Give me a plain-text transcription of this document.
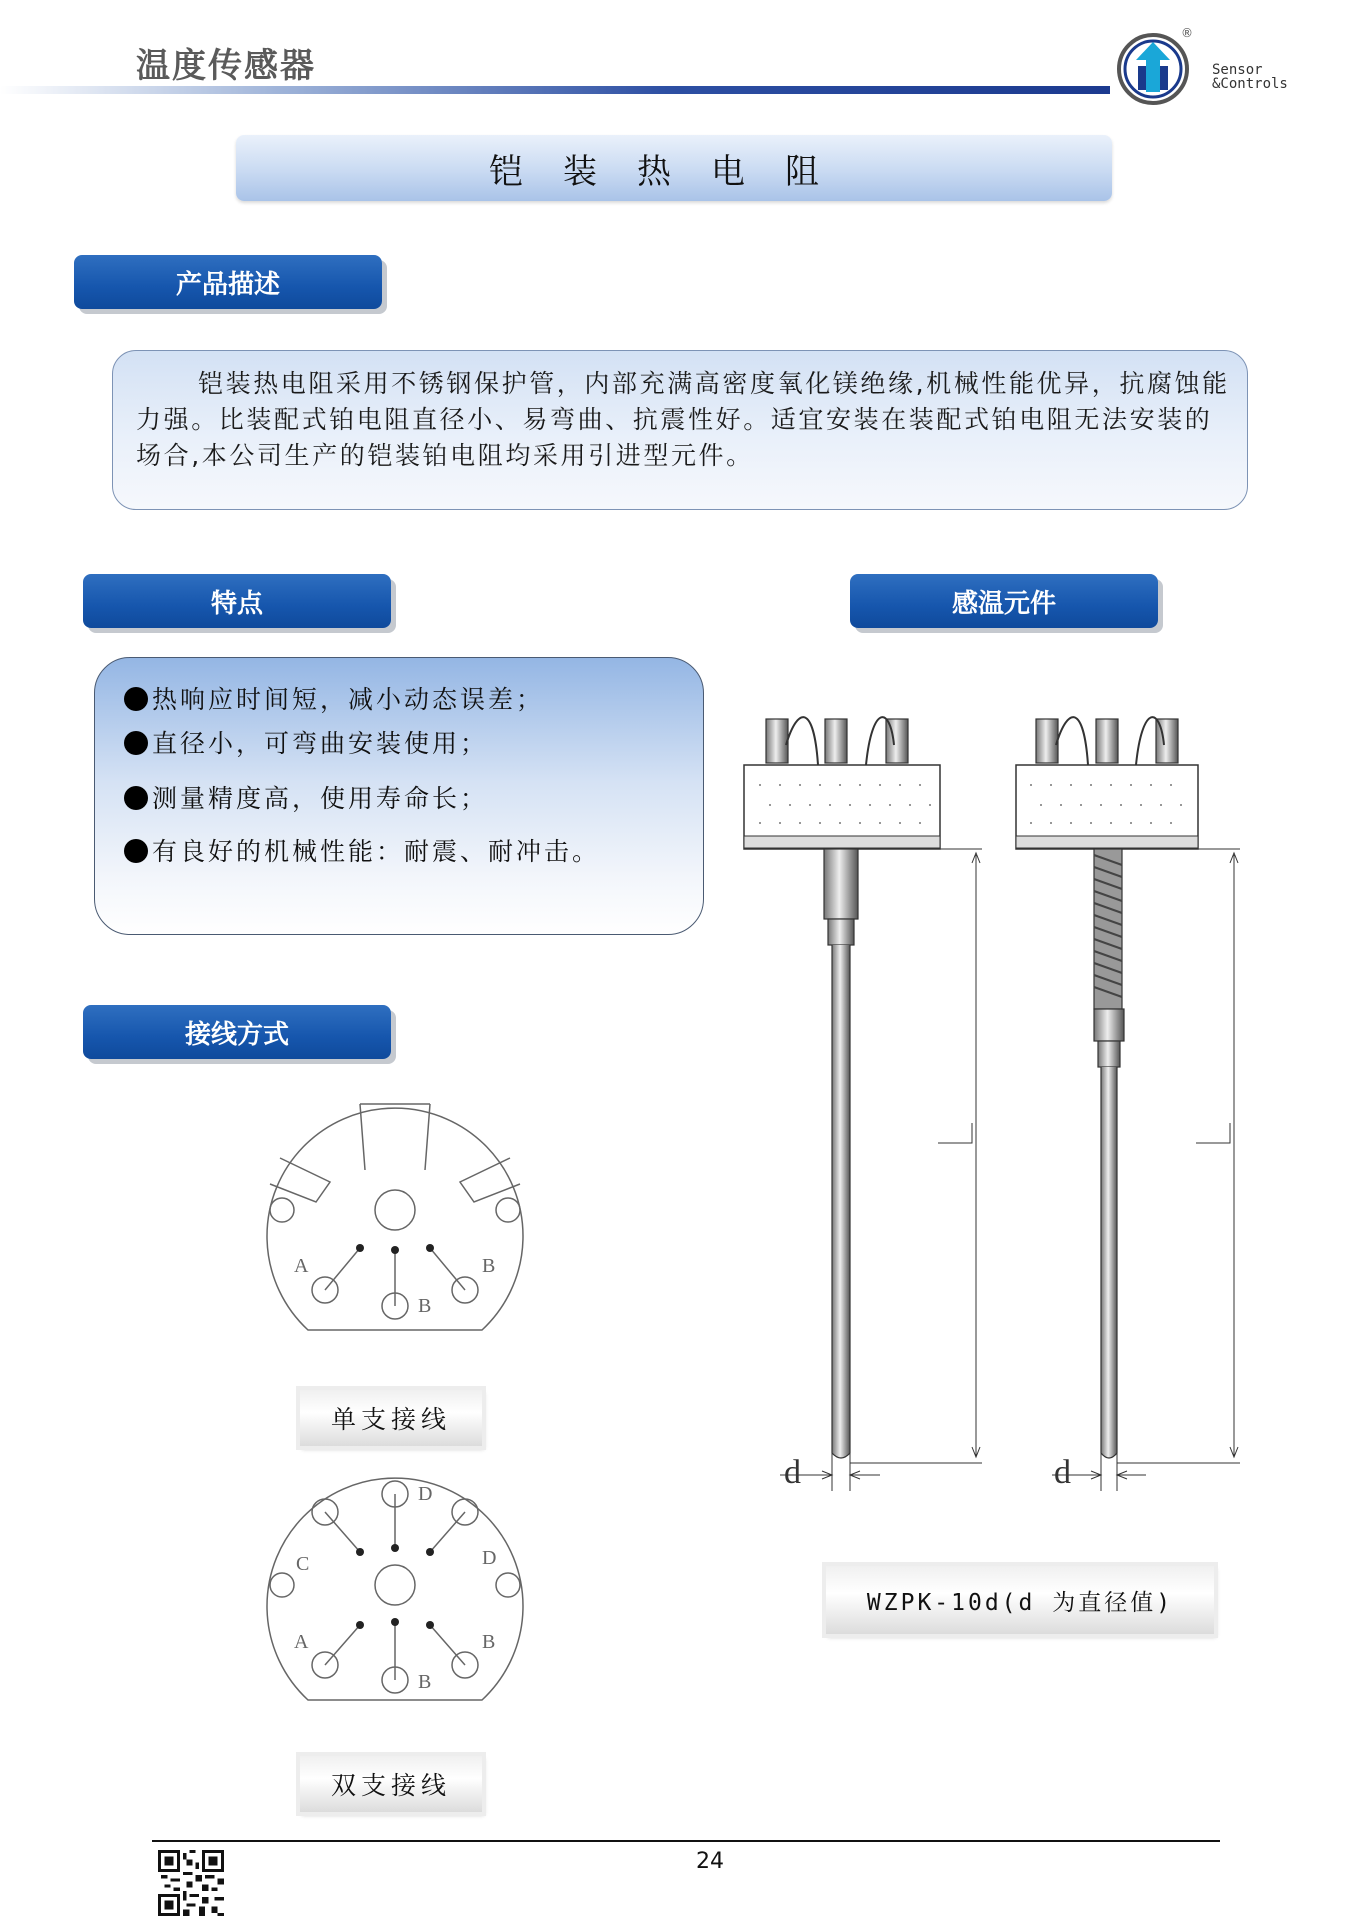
温度传感器
®
Sensor
&Controls
铠装热电阻
产品描述
铠装热电阻采用不锈钢保护管，内部充满高密度氧化镁绝缘,机械性能优异，抗腐蚀能力强。比装配式铂电阻直径小、易弯曲、抗震性好。适宜安装在装配式铂电阻无法安装的场合,本公司生产的铠装铂电阻均采用引进型元件。
特点
热响应时间短，减小动态误差；
直径小，可弯曲安装使用；
测量精度高，使用寿命长；
有良好的机械性能：耐震、耐冲击。
感温元件
接线方式
A	B
B
单支接线
D
C	D
A	B
B
双支接线
d	d
WZPK-10d(d 为直径值)
24
